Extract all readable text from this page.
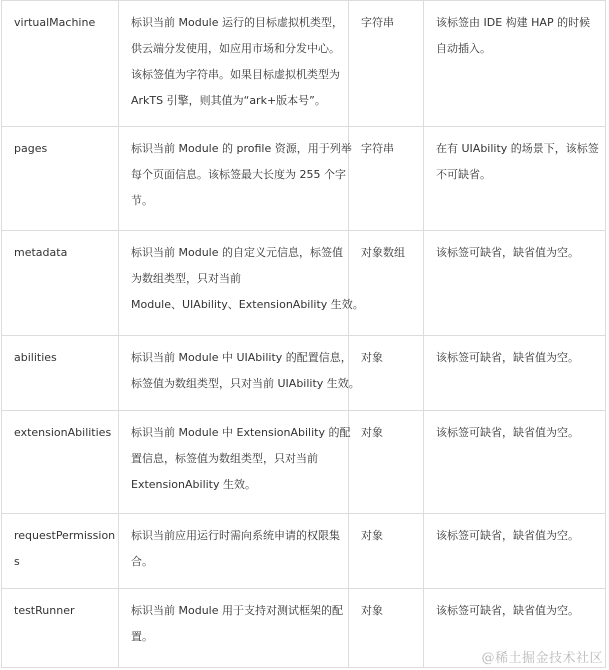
virtualMachine	标识当前 Module 运行的目标虚拟机类型，
供云端分发使用，如应用市场和分发中心。
该标签值为字符串。如果目标虚拟机类型为
ArkTS 引擎，则其值为“ark+版本号”。	字符串	该标签由 IDE 构建 HAP 的时候
自动插入。

pages	标识当前 Module 的 profile 资源，用于列举
每个页面信息。该标签最大长度为 255 个字
节。	字符串	在有 UIAbility 的场景下，该标签
不可缺省。

metadata	标识当前 Module 的自定义元信息，标签值
为数组类型，只对当前
Module、UIAbility、ExtensionAbility 生效。	对象数组	该标签可缺省，缺省值为空。

abilities	标识当前 Module 中 UIAbility 的配置信息，
标签值为数组类型，只对当前 UIAbility 生效。	对象	该标签可缺省，缺省值为空。

extensionAbilities	标识当前 Module 中 ExtensionAbility 的配
置信息，标签值为数组类型，只对当前
ExtensionAbility 生效。	对象	该标签可缺省，缺省值为空。

requestPermission
s	标识当前应用运行时需向系统申请的权限集
合。	对象	该标签可缺省，缺省值为空。

testRunner	标识当前 Module 用于支持对测试框架的配
置。	对象	该标签可缺省，缺省值为空。
@稀土掘金技术社区
